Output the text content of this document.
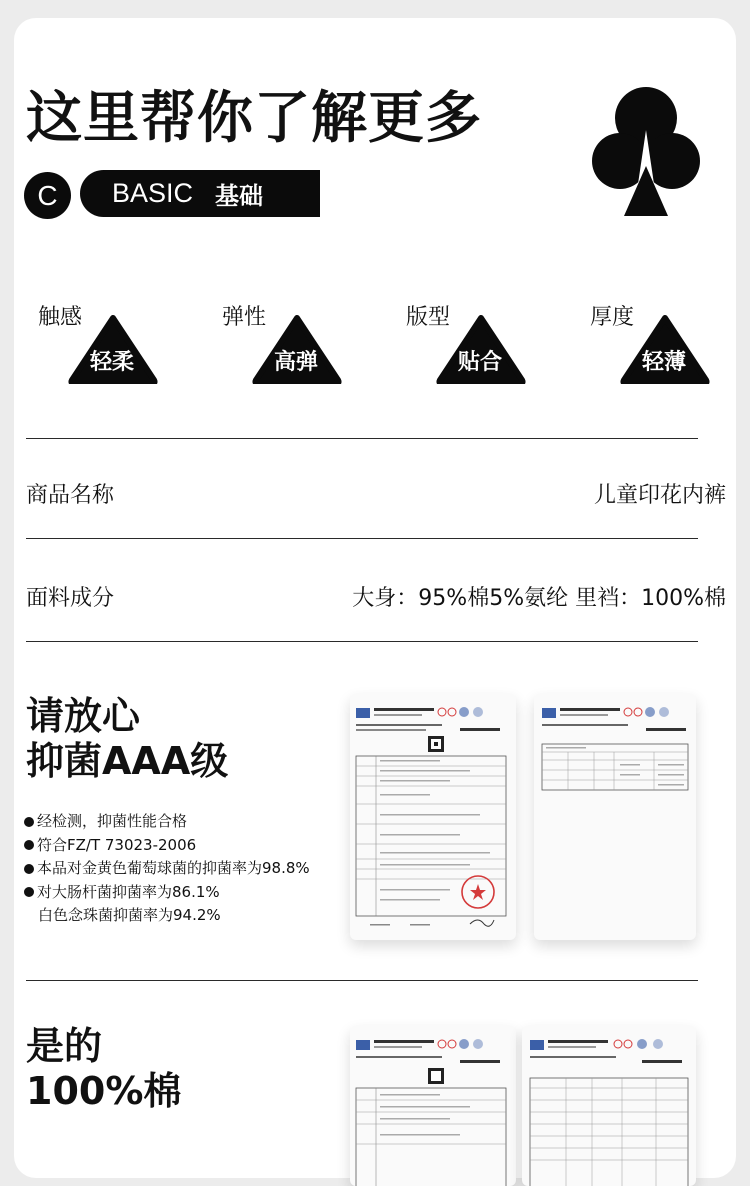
这里帮你了解更多
C	BASIC 基础
触感
轻柔
弹性
高弹
版型
贴合
厚度
轻薄
商品名称	儿童印花内裤
面料成分	大身：95%棉5%氨纶 里裆：100%棉
请放心
抑菌AAA级
经检测，抑菌性能合格
符合FZ/T 73023-2006
本品对金黄色葡萄球菌的抑菌率为98.8%
对大肠杆菌抑菌率为86.1%
白色念珠菌抑菌率为94.2%
是的
100%棉
